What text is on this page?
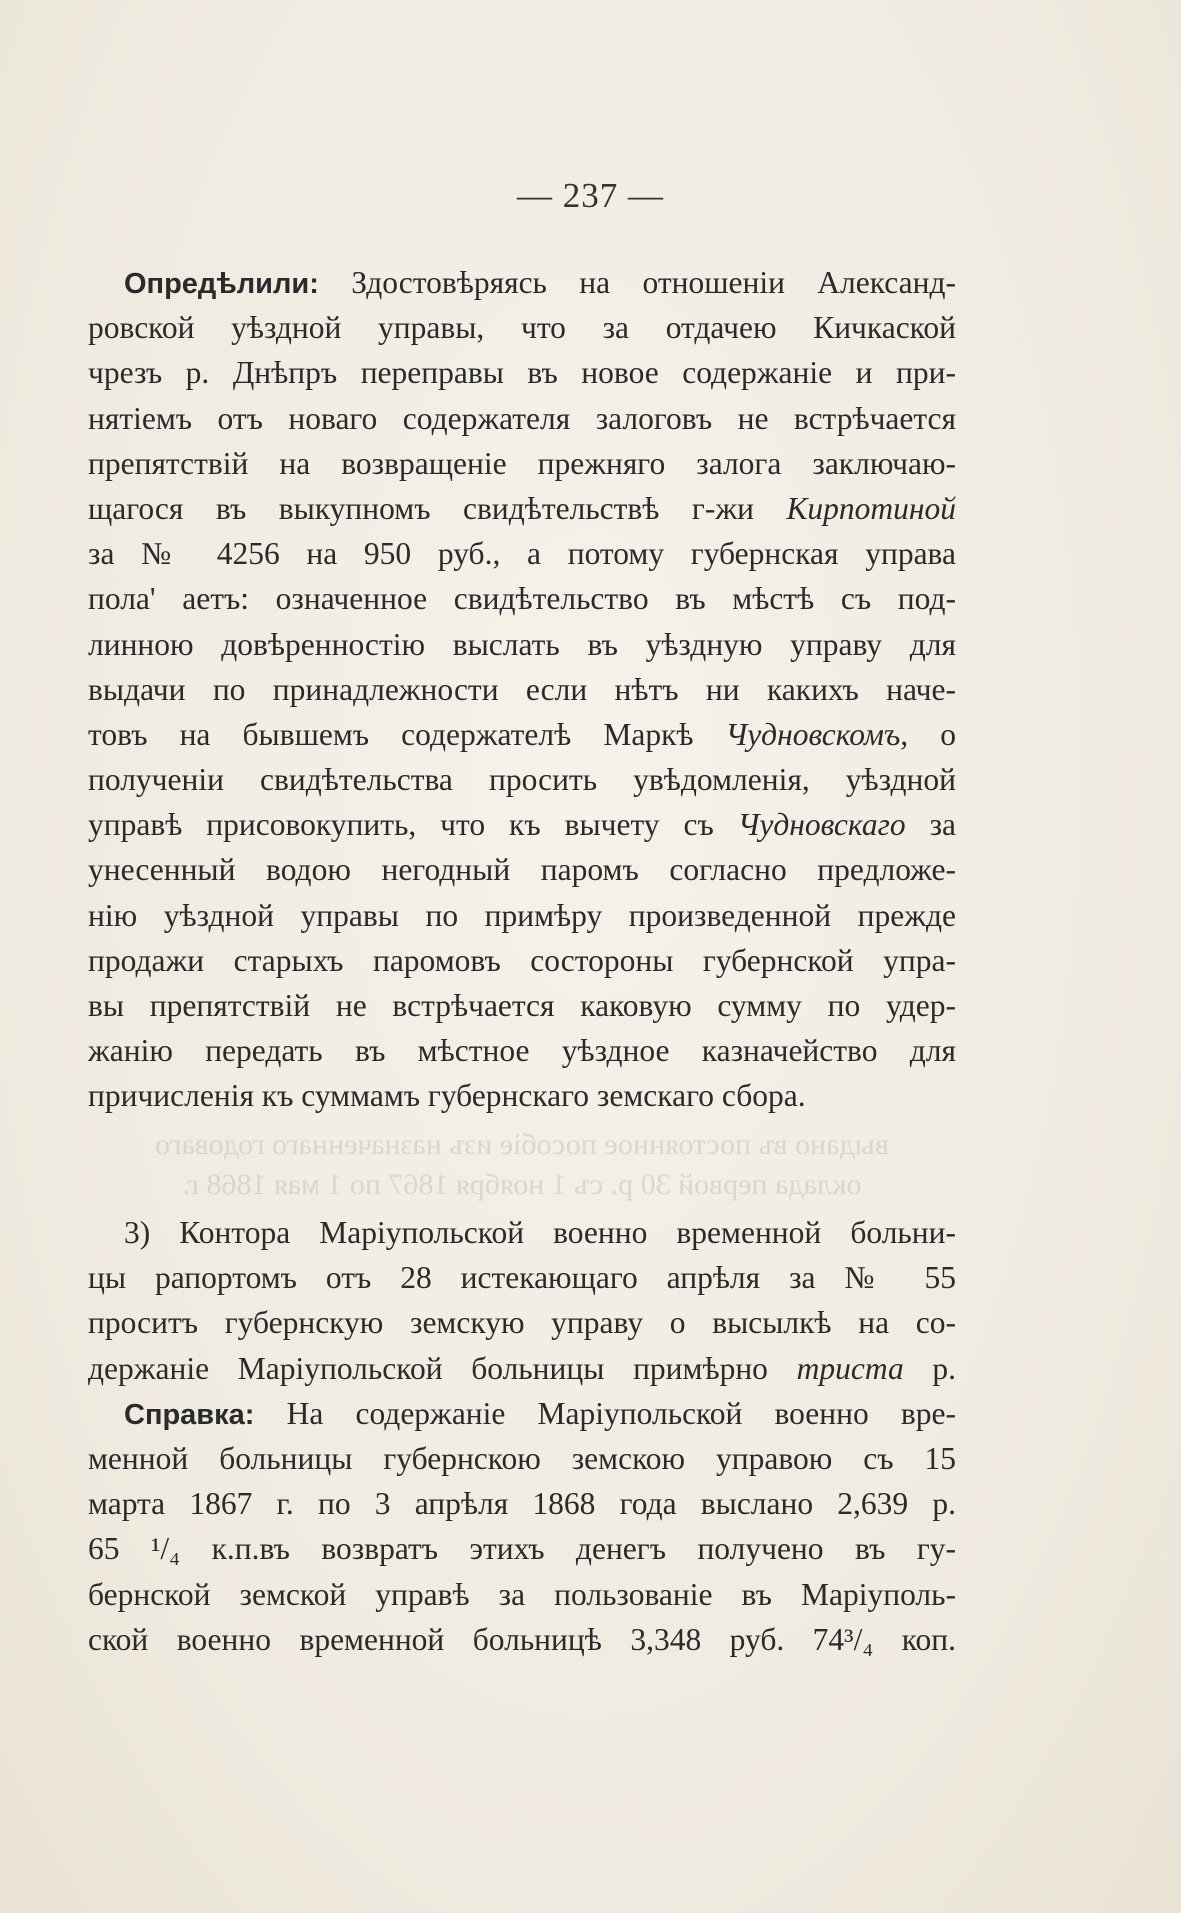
— 237 —
выдано въ постоянное пособіе изъ назначеннаго годоваго
оклада первой 30 р. съ 1 ноября 1867 по 1 мая 1868 г.
Опредѣлили: Здостовѣряясь на отношеніи Александ-
ровской уѣздной управы, что за отдачею Кичкаской
чрезъ р. Днѣпръ переправы въ новое содержаніе и при-
нятіемъ отъ новаго содержателя залоговъ не встрѣчается
препятствій на возвращеніе прежняго залога заключаю-
щагося въ выкупномъ свидѣтельствѣ г-жи Кирпотиной
за № 4256 на 950 руб., а потому губернская управа
пола' аетъ: означенное свидѣтельство въ мѣстѣ съ под-
линною довѣренностію выслать въ уѣздную управу для
выдачи по принадлежности если нѣтъ ни какихъ наче-
товъ на бывшемъ содержателѣ Маркѣ Чудновскомъ, о
полученіи свидѣтельства просить увѣдомленія, уѣздной
управѣ присовокупить, что къ вычету съ Чудновскаго за
унесенный водою негодный паромъ согласно предложе-
нію уѣздной управы по примѣру произведенной прежде
продажи старыхъ паромовъ состороны губернской упра-
вы препятствій не встрѣчается каковую сумму по удер-
жанію передать въ мѣстное уѣздное казначейство для
причисленія къ суммамъ губернскаго земскаго сбора.
3) Контора Маріупольской военно временной больни-
цы рапортомъ отъ 28 истекающаго апрѣля за № 55
проситъ губернскую земскую управу о высылкѣ на со-
держаніе Маріупольской больницы примѣрно триста р.
Справка: На содержаніе Маріупольской военно вре-
менной больницы губернскою земскою управою съ 15
марта 1867 г. по 3 апрѣля 1868 года выслано 2,639 р.
65 ¹/₄ к.п.въ возвратъ этихъ денегъ получено въ гу-
бернской земской управѣ за пользованіе въ Маріуполь-
ской военно временной больницѣ 3,348 руб. 74³/₄ коп.
